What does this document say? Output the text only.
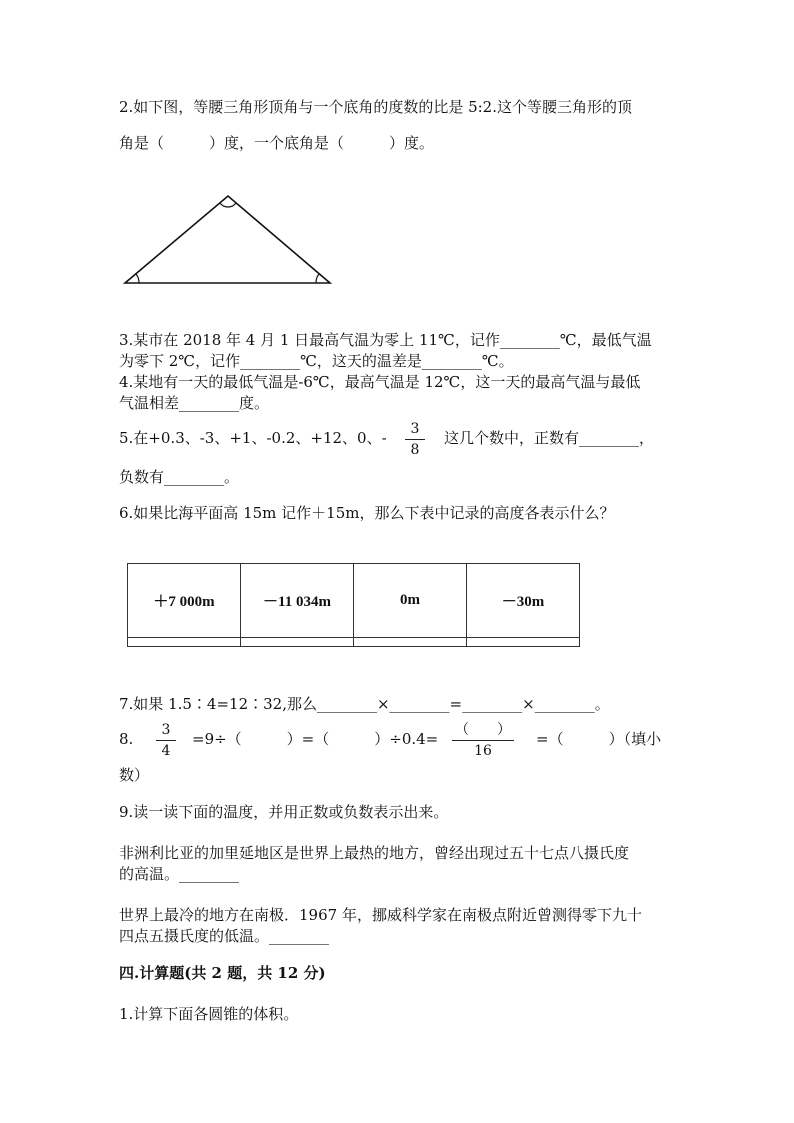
2.如下图，等腰三角形顶角与一个底角的度数的比是 5:2.这个等腰三角形的顶
角是（　　　）度，一个底角是（　　　）度。
3.某市在 2018 年 4 月 1 日最高气温为零上 11℃，记作________℃，最低气温
为零下 2℃，记作________℃，这天的温差是________℃。
4.某地有一天的最低气温是-6℃，最高气温是 12℃，这一天的最高气温与最低
气温相差________度。
5.在+0.3、-3、+1、-0.2、+12、0、-	3
8
这几个数中，正数有________，
负数有________。
6.如果比海平面高 15m 记作＋15m，那么下表中记录的高度各表示什么？
＋7 000m	－11 034m	0m	－30m

7.如果 1.5∶4=12∶32,那么________×________=________×________。
8.	3
4
=9÷（　　　）=（　　　）÷0.4= （　　）
16
=（　　　）（填小
数）
9.读一读下面的温度，并用正数或负数表示出来。
非洲利比亚的加里延地区是世界上最热的地方，曾经出现过五十七点八摄氏度
的高温。________
世界上最冷的地方在南极．1967 年，挪威科学家在南极点附近曾测得零下九十
四点五摄氏度的低温。________
四.计算题(共 2 题，共 12 分)
1.计算下面各圆锥的体积。
